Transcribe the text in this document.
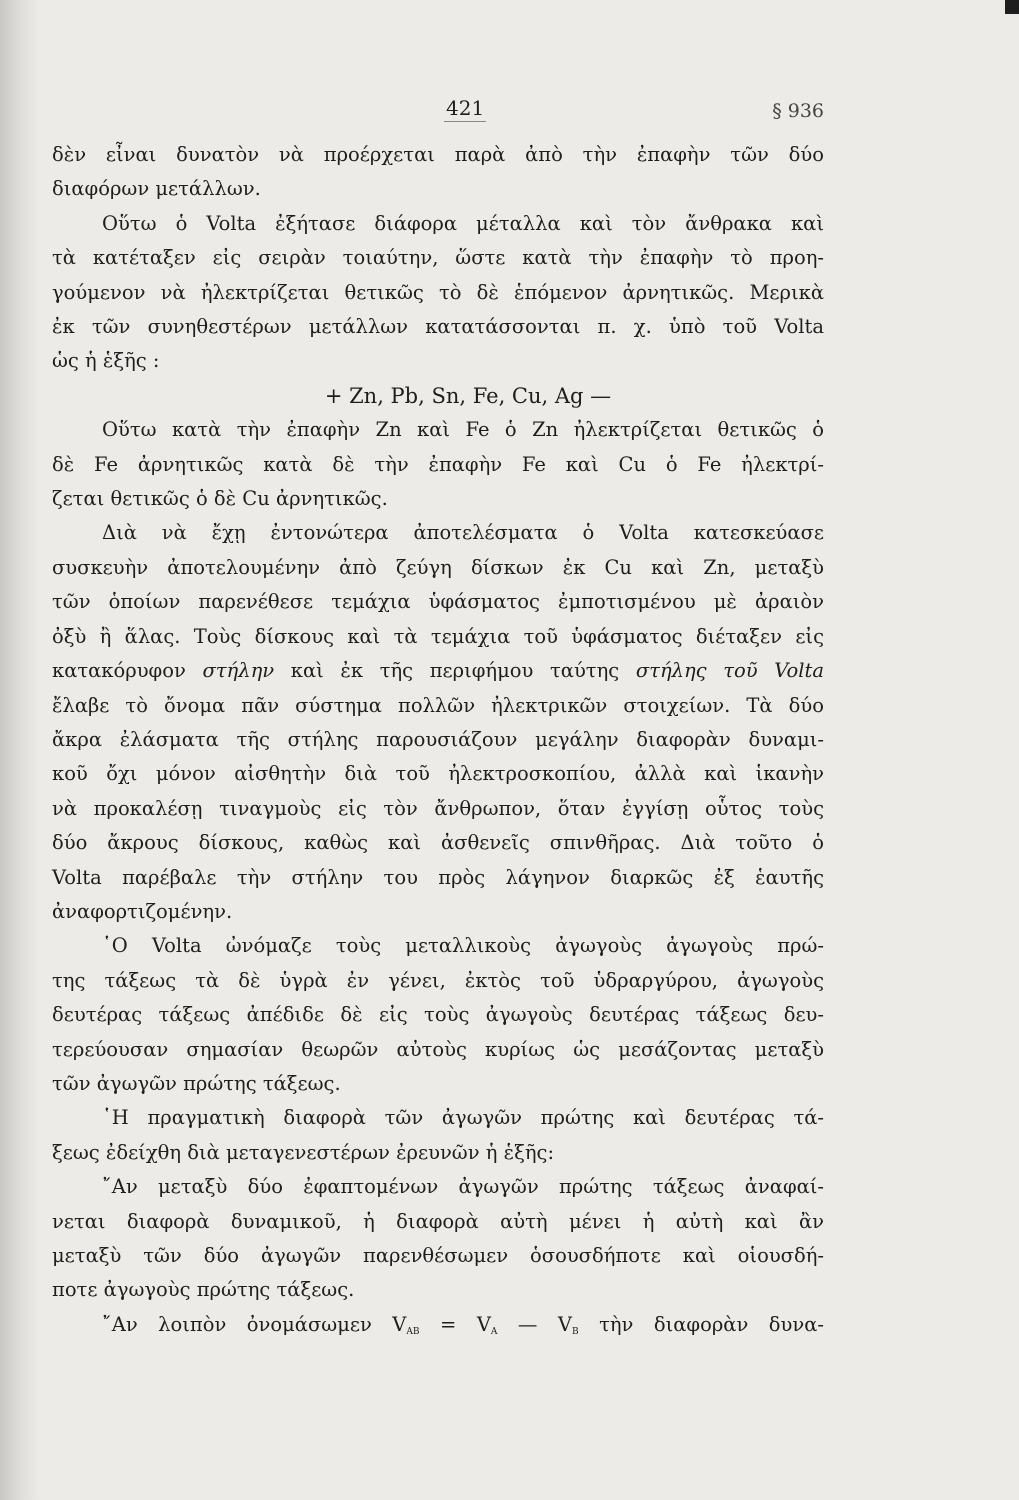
421	§ 936

δὲν εἶναι δυνατὸν νὰ προέρχεται παρὰ ἀπὸ τὴν ἐπαφὴν τῶν δύο
διαφόρων μετάλλων.

Οὕτω ὁ Volta ἐξήτασε διάφορα μέταλλα καὶ τὸν ἄνθρακα καὶ
τὰ κατέταξεν εἰς σειρὰν τοιαύτην, ὥστε κατὰ τὴν ἐπαφὴν τὸ προη-
γούμενον νὰ ἠλεκτρίζεται θετικῶς τὸ δὲ ἑπόμενον ἀρνητικῶς. Μερικὰ
ἐκ τῶν συνηθεστέρων μετάλλων κατατάσσονται π. χ. ὑπὸ τοῦ Volta
ὡς ἡ ἑξῆς :

+ Zn, Pb, Sn, Fe, Cu, Ag —

Οὕτω κατὰ τὴν ἐπαφὴν Zn καὶ Fe ὁ Zn ἠλεκτρίζεται θετικῶς ὁ
δὲ Fe ἀρνητικῶς κατὰ δὲ τὴν ἐπαφὴν Fe καὶ Cu ὁ Fe ἠλεκτρί-
ζεται θετικῶς ὁ δὲ Cu ἀρνητικῶς.

Διὰ νὰ ἔχῃ ἐντονώτερα ἀποτελέσματα ὁ Volta κατεσκεύασε
συσκευὴν ἀποτελουμένην ἀπὸ ζεύγη δίσκων ἐκ Cu καὶ Zn, μεταξὺ
τῶν ὁποίων παρενέθεσε τεμάχια ὑφάσματος ἐμποτισμένου μὲ ἀραιὸν
ὀξὺ ἢ ἅλας. Τοὺς δίσκους καὶ τὰ τεμάχια τοῦ ὑφάσματος διέταξεν εἰς
κατακόρυφον στήλην καὶ ἐκ τῆς περιφήμου ταύτης στήλης τοῦ Volta
ἔλαβε τὸ ὄνομα πᾶν σύστημα πολλῶν ἠλεκτρικῶν στοιχείων. Τὰ δύο
ἄκρα ἐλάσματα τῆς στήλης παρουσιάζουν μεγάλην διαφορὰν δυναμι-
κοῦ ὄχι μόνον αἰσθητὴν διὰ τοῦ ἠλεκτροσκοπίου, ἀλλὰ καὶ ἱκανὴν
νὰ προκαλέσῃ τιναγμοὺς εἰς τὸν ἄνθρωπον, ὅταν ἐγγίσῃ οὗτος τοὺς
δύο ἄκρους δίσκους, καθὼς καὶ ἀσθενεῖς σπινθῆρας. Διὰ τοῦτο ὁ
Volta παρέβαλε τὴν στήλην του πρὸς λάγηνον διαρκῶς ἐξ ἑαυτῆς
ἀναφορτιζομένην.

῾Ο Volta ὠνόμαζε τοὺς μεταλλικοὺς ἀγωγοὺς ἀγωγοὺς πρώ-
της τάξεως τὰ δὲ ὑγρὰ ἐν γένει, ἐκτὸς τοῦ ὑδραργύρου, ἀγωγοὺς
δευτέρας τάξεως ἀπέδιδε δὲ εἰς τοὺς ἀγωγοὺς δευτέρας τάξεως δευ-
τερεύουσαν σημασίαν θεωρῶν αὐτοὺς κυρίως ὡς μεσάζοντας μεταξὺ
τῶν ἀγωγῶν πρώτης τάξεως.

῾Η πραγματικὴ διαφορὰ τῶν ἀγωγῶν πρώτης καὶ δευτέρας τά-
ξεως ἐδείχθη διὰ μεταγενεστέρων ἐρευνῶν ἡ ἑξῆς:

῎Αν μεταξὺ δύο ἐφαπτομένων ἀγωγῶν πρώτης τάξεως ἀναφαί-
νεται διαφορὰ δυναμικοῦ, ἡ διαφορὰ αὐτὴ μένει ἡ αὐτὴ καὶ ἂν
μεταξὺ τῶν δύο ἀγωγῶν παρενθέσωμεν ὁσουσδήποτε καὶ οἱουσδή-
ποτε ἀγωγοὺς πρώτης τάξεως.

῎Αν λοιπὸν ὀνομάσωμεν $V_{AB} = V_A$ — $V_B$ τὴν διαφορὰν δυνα-
